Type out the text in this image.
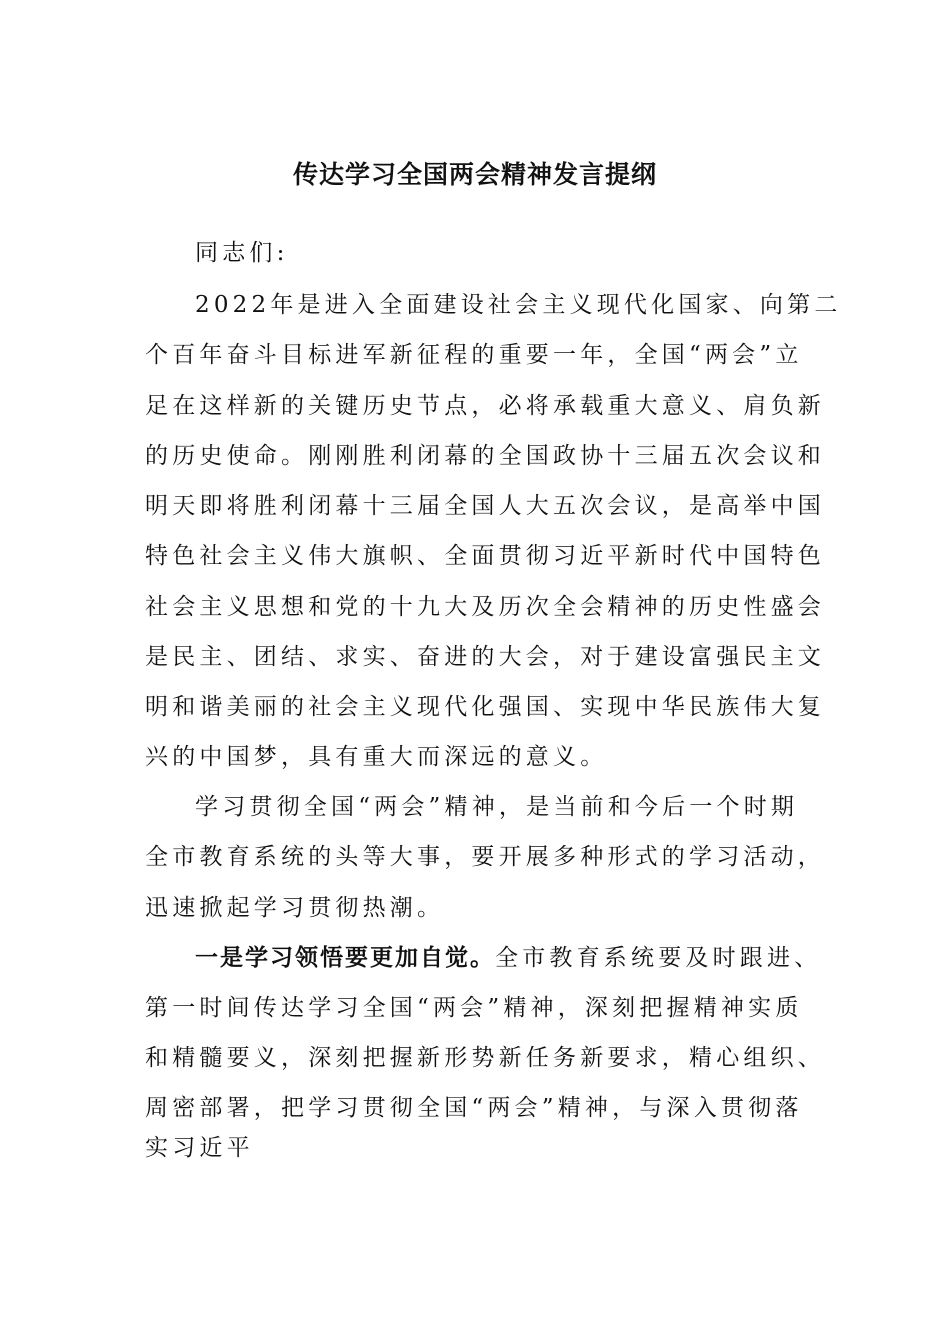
传达学习全国两会精神发言提纲
同志们:
2022年是进入全面建设社会主义现代化国家、向第二
个百年奋斗目标进军新征程的重要一年，全国“两会”立
足在这样新的关键历史节点，必将承载重大意义、肩负新
的历史使命。刚刚胜利闭幕的全国政协十三届五次会议和
明天即将胜利闭幕十三届全国人大五次会议，是高举中国
特色社会主义伟大旗帜、全面贯彻习近平新时代中国特色
社会主义思想和党的十九大及历次全会精神的历史性盛会
是民主、团结、求实、奋进的大会，对于建设富强民主文
明和谐美丽的社会主义现代化强国、实现中华民族伟大复
兴的中国梦，具有重大而深远的意义。
学习贯彻全国“两会”精神，是当前和今后一个时期
全市教育系统的头等大事，要开展多种形式的学习活动，
迅速掀起学习贯彻热潮。
一是学习领悟要更加自觉。全市教育系统要及时跟进、
第一时间传达学习全国“两会”精神，深刻把握精神实质
和精髓要义，深刻把握新形势新任务新要求，精心组织、
周密部署，把学习贯彻全国“两会”精神，与深入贯彻落
实习近平
